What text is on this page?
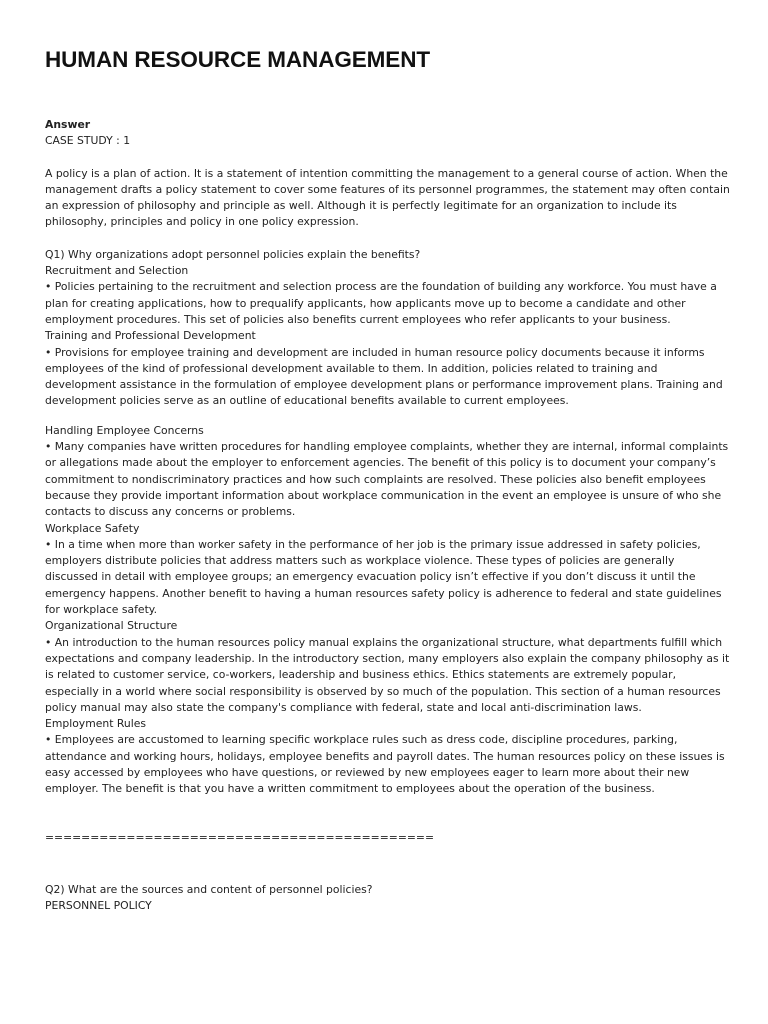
HUMAN RESOURCE MANAGEMENT

Answer

CASE STUDY : 1

A policy is a plan of action. It is a statement of intention committing the management to a general course of action. When the management drafts a policy statement to cover some features of its personnel programmes, the statement may often contain an expression of philosophy and principle as well. Although it is perfectly legitimate for an organization to include its philosophy, principles and policy in one policy expression.

Q1) Why organizations adopt personnel policies explain the benefits?

Recruitment and Selection

• Policies pertaining to the recruitment and selection process are the foundation of building any workforce. You must have a plan for creating applications, how to prequalify applicants, how applicants move up to become a candidate and other employment procedures. This set of policies also benefits current employees who refer applicants to your business.

Training and Professional Development

• Provisions for employee training and development are included in human resource policy documents because it informs employees of the kind of professional development available to them. In addition, policies related to training and development assistance in the formulation of employee development plans or performance improvement plans. Training and development policies serve as an outline of educational benefits available to current employees.

Handling Employee Concerns

• Many companies have written procedures for handling employee complaints, whether they are internal, informal complaints or allegations made about the employer to enforcement agencies. The benefit of this policy is to document your company’s commitment to nondiscriminatory practices and how such complaints are resolved. These policies also benefit employees because they provide important information about workplace communication in the event an employee is unsure of who she contacts to discuss any concerns or problems.

Workplace Safety

• In a time when more than worker safety in the performance of her job is the primary issue addressed in safety policies, employers distribute policies that address matters such as workplace violence. These types of policies are generally discussed in detail with employee groups; an emergency evacuation policy isn’t effective if you don’t discuss it until the emergency happens. Another benefit to having a human resources safety policy is adherence to federal and state guidelines for workplace safety.

Organizational Structure

• An introduction to the human resources policy manual explains the organizational structure, what departments fulfill which expectations and company leadership. In the introductory section, many employers also explain the company philosophy as it is related to customer service, co-workers, leadership and business ethics. Ethics statements are extremely popular, especially in a world where social responsibility is observed by so much of the population. This section of a human resources policy manual may also state the company's compliance with federal, state and local anti-discrimination laws.

Employment Rules

• Employees are accustomed to learning specific workplace rules such as dress code, discipline procedures, parking, attendance and working hours, holidays, employee benefits and payroll dates. The human resources policy on these issues is easy accessed by employees who have questions, or reviewed by new employees eager to learn more about their new employer. The benefit is that you have a written commitment to employees about the operation of the business.

===========================================

Q2) What are the sources and content of personnel policies?

PERSONNEL POLICY
